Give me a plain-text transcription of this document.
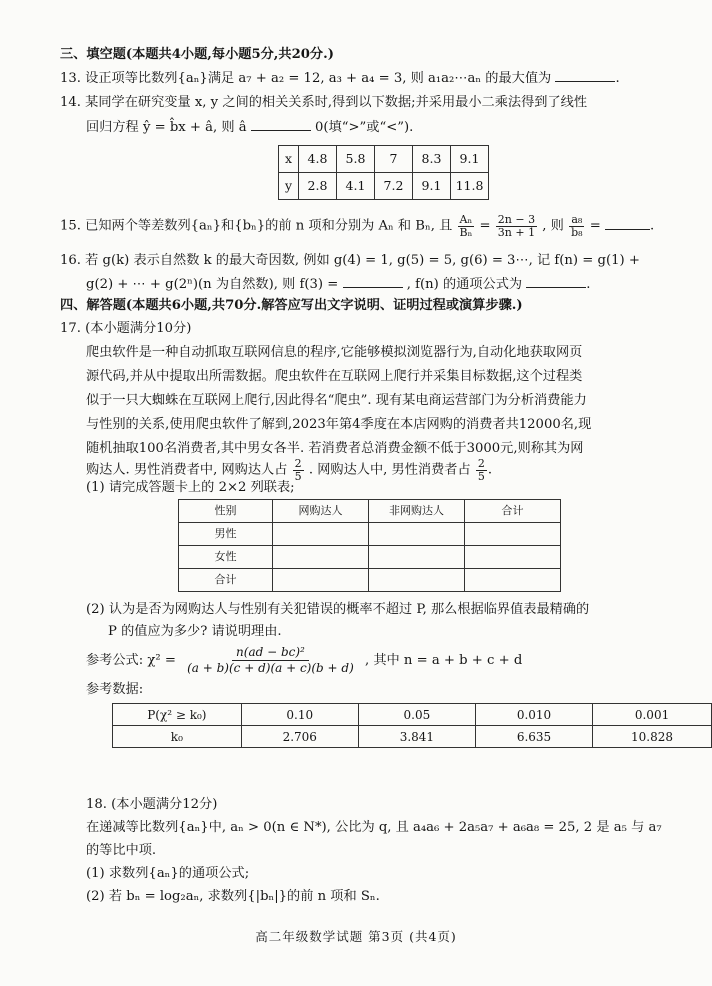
三、填空题(本题共4小题,每小题5分,共20分.)
13. 设正项等比数列{aₙ}满足 a₇ + a₂ = 12, a₃ + a₄ = 3, 则 a₁a₂⋯aₙ 的最大值为	.
14. 某同学在研究变量 x, y 之间的相关关系时,得到以下数据;并采用最小二乘法得到了线性
回归方程 ŷ = b̂x + â, 则 â	0(填“>”或“<”).
x	4.8	5.8	7	8.3	9.1
y	2.8	4.1	7.2	9.1	11.8
15. 已知两个等差数列{aₙ}和{bₙ}的前 n 项和分别为 Aₙ 和 Bₙ, 且 $\frac{\text{Aₙ}}{\text{Bₙ}} = \frac{2n - 3}{3n + 1}$ , 则 $\frac{\text{a₈}}{\text{b₈}}$ =	.
16. 若 g(k) 表示自然数 k 的最大奇因数, 例如 g(4) = 1, g(5) = 5, g(6) = 3⋯, 记 f(n) = g(1) +
g(2) + ⋯ + g(2ⁿ)(n 为自然数), 则 f(3) =	, f(n) 的通项公式为	.
四、解答题(本题共6小题,共70分.解答应写出文字说明、证明过程或演算步骤.)
17. (本小题满分10分)
爬虫软件是一种自动抓取互联网信息的程序,它能够模拟浏览器行为,自动化地获取网页
源代码,并从中提取出所需数据。爬虫软件在互联网上爬行并采集目标数据,这个过程类
似于一只大蜘蛛在互联网上爬行,因此得名“爬虫”. 现有某电商运营部门为分析消费能力
与性别的关系,使用爬虫软件了解到,2023年第4季度在本店网购的消费者共12000名,现
随机抽取100名消费者,其中男女各半. 若消费者总消费金额不低于3000元,则称其为网
购达人. 男性消费者中, 网购达人占 $\frac{2}{5}$ . 网购达人中, 男性消费者占 $\frac{2}{5}$ .
(1) 请完成答题卡上的 2×2 列联表;
性别	网购达人	非网购达人	合计
男性			
女性			
合计			
(2) 认为是否为网购达人与性别有关犯错误的概率不超过 P, 那么根据临界值表最精确的
P 的值应为多少? 请说明理由.
参考公式: $\chi^2 = \frac{\text{n(ad − bc)²}}{(a + b)(c + d)(a + c)(b + d)}$ , 其中 n = a + b + c + d
参考数据:
P(χ² ≥ k₀)	0.10	0.05	0.010	0.001
k₀	2.706	3.841	6.635	10.828
18. (本小题满分12分)
在递减等比数列{aₙ}中, aₙ > 0(n ∈ N*), 公比为 q, 且 a₄a₆ + 2a₅a₇ + a₆a₈ = 25, 2 是 a₅ 与 a₇
的等比中项.
(1) 求数列{aₙ}的通项公式;
(2) 若 bₙ = log₂aₙ, 求数列{|bₙ|}的前 n 项和 Sₙ.
高二年级数学试题 第3页 (共4页)
